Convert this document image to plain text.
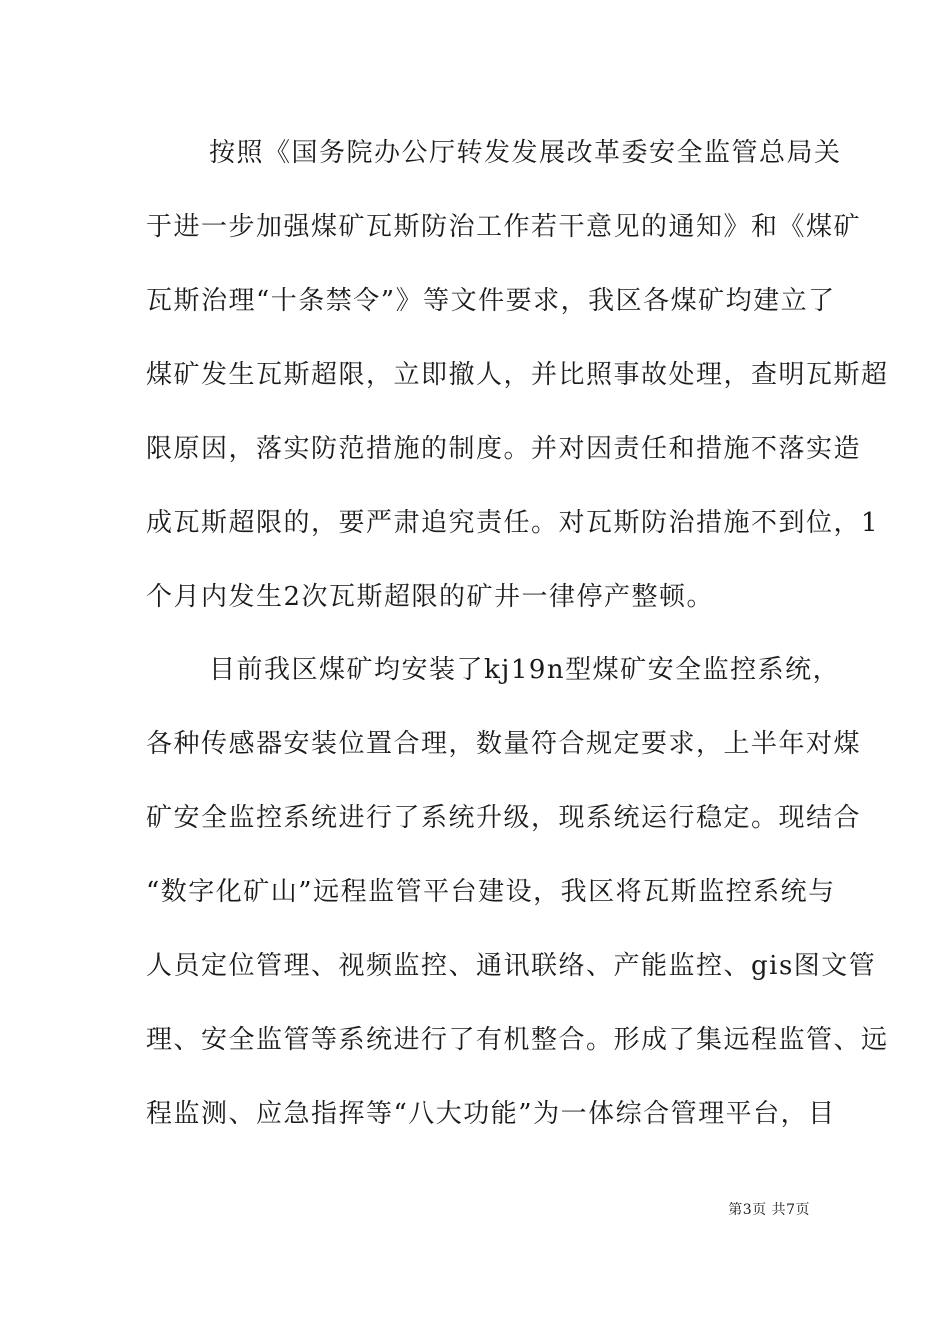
按照《国务院办公厅转发发展改革委安全监管总局关
于进一步加强煤矿瓦斯防治工作若干意见的通知》和《煤矿
瓦斯治理“十条禁令”》等文件要求，我区各煤矿均建立了
煤矿发生瓦斯超限，立即撤人，并比照事故处理，查明瓦斯超
限原因，落实防范措施的制度。并对因责任和措施不落实造
成瓦斯超限的，要严肃追究责任。对瓦斯防治措施不到位，1
个月内发生2次瓦斯超限的矿井一律停产整顿。
目前我区煤矿均安装了kj19n型煤矿安全监控系统，
各种传感器安装位置合理，数量符合规定要求，上半年对煤
矿安全监控系统进行了系统升级，现系统运行稳定。现结合
“数字化矿山”远程监管平台建设，我区将瓦斯监控系统与
人员定位管理、视频监控、通讯联络、产能监控、gis图文管
理、安全监管等系统进行了有机整合。形成了集远程监管、远
程监测、应急指挥等“八大功能”为一体综合管理平台，目
第3页 共7页
